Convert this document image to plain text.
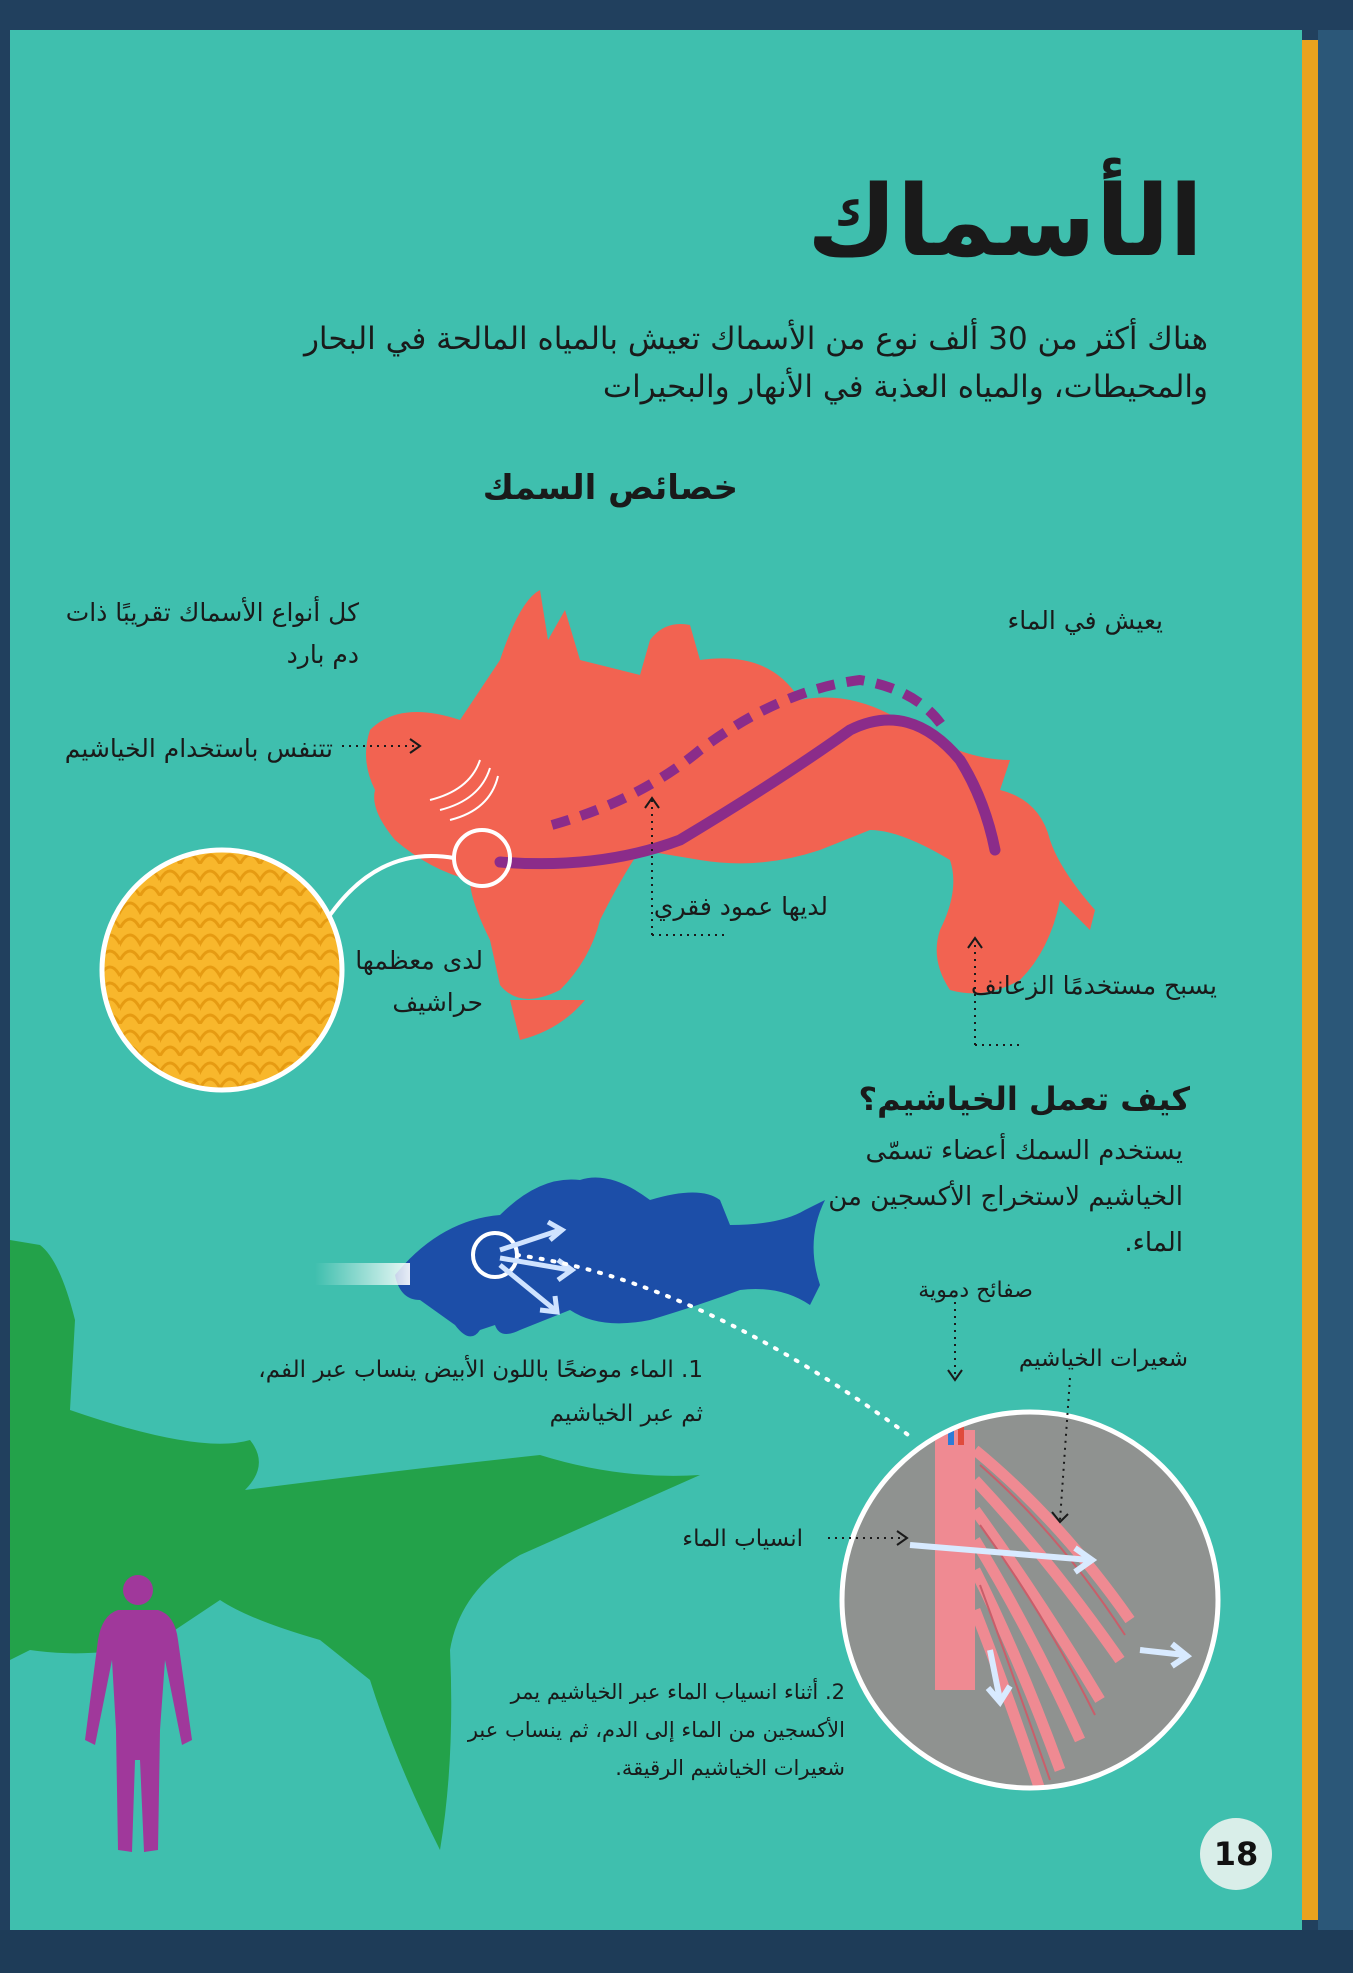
الأسماك

هناك أكثر من 30 ألف نوع من الأسماك تعيش بالمياه المالحة في البحار والمحيطات، والمياه العذبة في الأنهار والبحيرات

خصائص السمك

كل أنواع الأسماك تقريبًا ذات دم بارد

يعيش في الماء

تتنفس باستخدام الخياشيم

لديها عمود فقري

لدى معظمها حراشيف

يسبح مستخدمًا الزعانف

كيف تعمل الخياشيم؟

يستخدم السمك أعضاء تسمّى الخياشيم لاستخراج الأكسجين من الماء.

صفائح دموية

شعيرات الخياشيم

1. الماء موضحًا باللون الأبيض ينساب عبر الفم، ثم عبر الخياشيم

انسياب الماء

2. أثناء انسياب الماء عبر الخياشيم يمر الأكسجين من الماء إلى الدم، ثم ينساب عبر شعيرات الخياشيم الرقيقة.

18
